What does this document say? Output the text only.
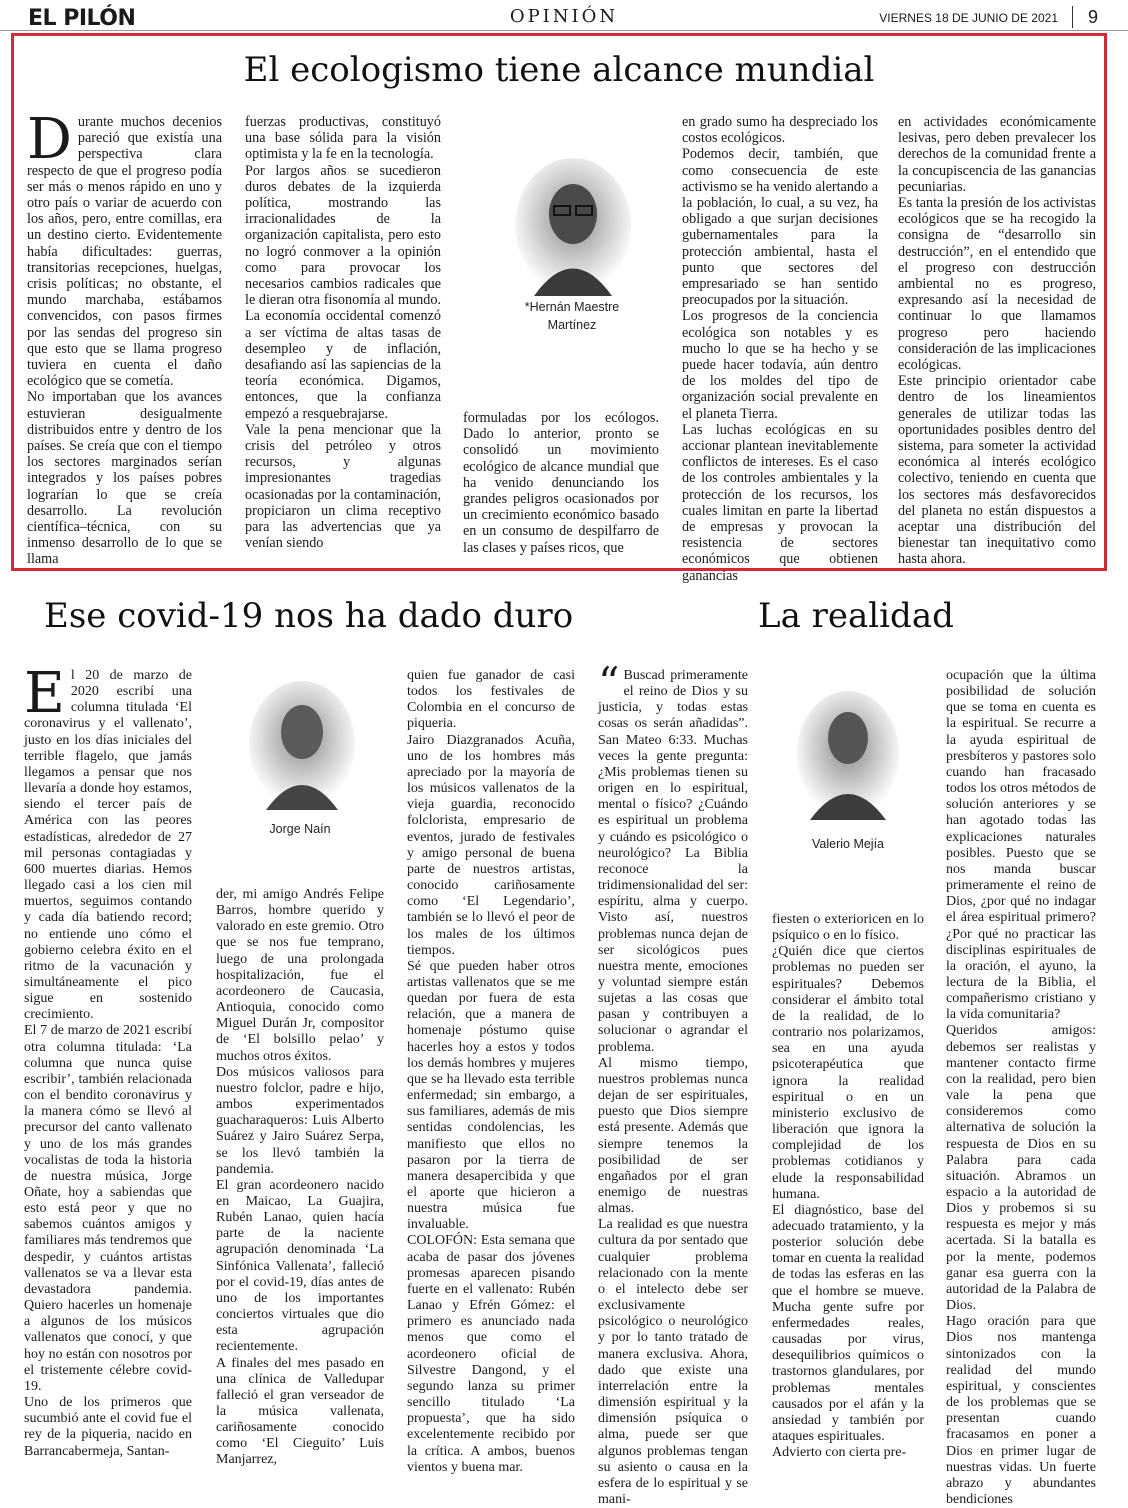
EL PILÓN	OPINIÓN	VIERNES 18 DE JUNIO DE 2021 9
El ecologismo tiene alcance mundial
D urante muchos decenios pareció que existía una perspectiva clara respecto de que el progreso podía ser más o menos rápido en uno y otro país o variar de acuerdo con los años, pero, entre comillas, era un destino cierto. Evidentemente había dificultades: guerras, transitorias recepciones, huelgas, crisis políticas; no obstante, el mundo marchaba, estábamos convencidos, con pasos firmes por las sendas del progreso sin que esto que se llama progreso tuviera en cuenta el daño ecológico que se cometía.

No importaban que los avances estuvieran desigualmente distribuidos entre y dentro de los países. Se creía que con el tiempo los sectores marginados serían integrados y los países pobres lograrían lo que se creía desarrollo. La revolución científica–técnica, con su inmenso desarrollo de lo que se llama

fuerzas productivas, constituyó una base sólida para la visión optimista y la fe en la tecnología.

Por largos años se sucedieron duros debates de la izquierda política, mostrando las irracionalidades de la organización capitalista, pero esto no logró conmover a la opinión como para provocar los necesarios cambios radicales que le dieran otra fisonomía al mundo. La economía occidental comenzó a ser víctima de altas tasas de desempleo y de inflación, desafiando así las sapiencias de la teoría económica. Digamos, entonces, que la confianza empezó a resquebrajarse.

Vale la pena mencionar que la crisis del petróleo y otros recursos, y algunas impresionantes tragedias ocasionadas por la contaminación, propiciaron un clima receptivo para las advertencias que ya venían siendo

*Hernán Maestre Martínez

formuladas por los ecólogos. Dado lo anterior, pronto se consolidó un movimiento ecológico de alcance mundial que ha venido denunciando los grandes peligros ocasionados por un crecimiento económico basado en un consumo de despilfarro de las clases y países ricos, que

en grado sumo ha despreciado los costos ecológicos.

Podemos decir, también, que como consecuencia de este activismo se ha venido alertando a la población, lo cual, a su vez, ha obligado a que surjan decisiones gubernamentales para la protección ambiental, hasta el punto que sectores del empresariado se han sentido preocupados por la situación.

Los progresos de la conciencia ecológica son notables y es mucho lo que se ha hecho y se puede hacer todavía, aún dentro de los moldes del tipo de organización social prevalente en el planeta Tierra.

Las luchas ecológicas en su accionar plantean inevitablemente conflictos de intereses. Es el caso de los controles ambientales y la protección de los recursos, los cuales limitan en parte la libertad de empresas y provocan la resistencia de sectores económicos que obtienen ganancias

en actividades económicamente lesivas, pero deben prevalecer los derechos de la comunidad frente a la concupiscencia de las ganancias pecuniarias.

Es tanta la presión de los activistas ecológicos que se ha recogido la consigna de “desarrollo sin destrucción”, en el entendido que el progreso con destrucción ambiental no es progreso, expresando así la necesidad de continuar lo que llamamos progreso pero haciendo consideración de las implicaciones ecológicas.

Este principio orientador cabe dentro de los lineamientos generales de utilizar todas las oportunidades posibles dentro del sistema, para someter la actividad económica al interés ecológico colectivo, teniendo en cuenta que los sectores más desfavorecidos del planeta no están dispuestos a aceptar una distribución del bienestar tan inequitativo como hasta ahora.

Ese covid-19 nos ha dado duro
E l 20 de marzo de 2020 escribí una columna titulada ‘El coronavirus y el vallenato’, justo en los días iniciales del terrible flagelo, que jamás llegamos a pensar que nos llevaría a donde hoy estamos, siendo el tercer país de América con las peores estadísticas, alrededor de 27 mil personas contagiadas y 600 muertes diarias. Hemos llegado casi a los cien mil muertos, seguimos contando y cada día batiendo record; no entiende uno cómo el gobierno celebra éxito en el ritmo de la vacunación y simultáneamente el pico sigue en sostenido crecimiento.

El 7 de marzo de 2021 escribí otra columna titulada: ‘La columna que nunca quise escribir’, también relacionada con el bendito coronavirus y la manera cómo se llevó al precursor del canto vallenato y uno de los más grandes vocalistas de toda la historia de nuestra música, Jorge Oñate, hoy a sabiendas que esto está peor y que no sabemos cuántos amigos y familiares más tendremos que despedir, y cuántos artistas vallenatos se va a llevar esta devastadora pandemia. Quiero hacerles un homenaje a algunos de los músicos vallenatos que conocí, y que hoy no están con nosotros por el tristemente célebre covid-19.

Uno de los primeros que sucumbió ante el covid fue el rey de la piqueria, nacido en Barrancabermeja, Santan-

Jorge Naín

der, mi amigo Andrés Felipe Barros, hombre querido y valorado en este gremio. Otro que se nos fue tempranо, luego de una prolongada hospitalización, fue el acordeonero de Caucasia, Antioquia, conocido como Miguel Durán Jr, compositor de ‘El bolsillo pelao’ y muchos otros éxitos.

Dos músicos valiosos para nuestro folclor, padre e hijo, ambos experimentados guacharaqueros: Luis Alberto Suárez y Jairo Suárez Serpa, se los llevó también la pandemia.

El gran acordeonero nacido en Maicao, La Guajira, Rubén Lanao, quien hacía parte de la naciente agrupación denominada ‘La Sinfónica Vallenata’, falleció por el covid-19, días antes de uno de los importantes conciertos virtuales que dio esta agrupación recientemente.

A finales del mes pasado en una clínica de Valledupar falleció el gran verseador de la música vallenata, cariñosamente conocido como ‘El Cieguito’ Luis Manjarrez,

quien fue ganador de casi todos los festivales de Colombia en el concurso de piqueria.

Jairo Diazgranados Acuña, uno de los hombres más apreciado por la mayoría de los músicos vallenatos de la vieja guardia, reconocido folclorista, empresario de eventos, jurado de festivales y amigo personal de buena parte de nuestros artistas, conocido cariñosamente como ‘El Legendario’, también se lo llevó el peor de los males de los últimos tiempos.

Sé que pueden haber otros artistas vallenatos que se me quedan por fuera de esta relación, que a manera de homenaje póstumo quise hacerles hoy a estos y todos los demás hombres y mujeres que se ha llevado esta terrible enfermedad; sin embargo, a sus familiares, además de mis sentidas condolencias, les manifiesto que ellos no pasaron por la tierra de manera desapercibida y que el aporte que hicieron a nuestra música fue invaluable.

COLOFÓN: Esta semana que acaba de pasar dos jóvenes promesas aparecen pisando fuerte en el vallenato: Rubén Lanao y Efrén Gómez: el primero es anunciado nada menos que como el acordeonero oficial de Silvestre Dangond, y el segundo lanza su primer sencillo titulado ‘La propuesta’, que ha sido excelentemente recibido por la crítica. A ambos, buenos vientos y buena mar.

La realidad
“ Buscad primeramente el reino de Dios y su justicia, y todas estas cosas os serán añadidas”. San Mateo 6:33. Muchas veces la gente pregunta: ¿Mis problemas tienen su origen en lo espiritual, mental o físico? ¿Cuándo es espiritual un problema y cuándo es psicológico o neurológico? La Biblia reconoce la tridimensionalidad del ser: espíritu, alma y cuerpo. Visto así, nuestros problemas nunca dejan de ser sicológicos pues nuestra mente, emociones y voluntad siempre están sujetas a las cosas que pasan y contribuyen a solucionar o agrandar el problema.

Al mismo tiempo, nuestros problemas nunca dejan de ser espirituales, puesto que Dios siempre está presente. Además que siempre tenemos la posibilidad de ser engañados por el gran enemigo de nuestras almas.

La realidad es que nuestra cultura da por sentado que cualquier problema relacionado con la mente o el intelecto debe ser exclusivamente psicológico o neurológico y por lo tanto tratado de manera exclusiva. Ahora, dado que existe una interrelación entre la dimensión espiritual y la dimensión psíquica o alma, puede ser que algunos problemas tengan su asiento o causa en la esfera de lo espiritual y se mani-

Valerio Mejía

fiesten o exterioricen en lo psíquico o en lo físico.

¿Quién dice que ciertos problemas no pueden ser espirituales? Debemos considerar el ámbito total de la realidad, de lo contrario nos polarizamos, sea en una ayuda psicoterapéutica que ignora la realidad espiritual o en un ministerio exclusivo de liberación que ignora la complejidad de los problemas cotidianos y elude la responsabilidad humana.

El diagnóstico, base del adecuado tratamiento, y la posterior solución debe tomar en cuenta la realidad de todas las esferas en las que el hombre se mueve. Mucha gente sufre por enfermedades reales, causadas por virus, desequilibrios químicos o trastornos glandulares, por problemas mentales causados por el afán y la ansiedad y también por ataques espirituales.

Advierto con cierta pre-

ocupación que la última posibilidad de solución que se toma en cuenta es la espiritual. Se recurre a la ayuda espiritual de presbíteros y pastores solo cuando han fracasado todos los otros métodos de solución anteriores y se han agotado todas las explicaciones naturales posibles. Puesto que se nos manda buscar primeramente el reino de Dios, ¿por qué no indagar el área espiritual primero? ¿Por qué no practicar las disciplinas espirituales de la oración, el ayuno, la lectura de la Biblia, el compañerismo cristiano y la vida comunitaria?

Queridos amigos: debemos ser realistas y mantener contacto firme con la realidad, pero bien vale la pena que consideremos como alternativa de solución la respuesta de Dios en su Palabra para cada situación. Abramos un espacio a la autoridad de Dios y probemos si su respuesta es mejor y más acertada. Si la batalla es por la mente, podemos ganar esa guerra con la autoridad de la Palabra de Dios.

Hago oración para que Dios nos mantenga sintonizados con la realidad del mundo espiritual, y conscientes de los problemas que se presentan cuando fracasamos en poner a Dios en primer lugar de nuestras vidas. Un fuerte abrazo y abundantes bendiciones
